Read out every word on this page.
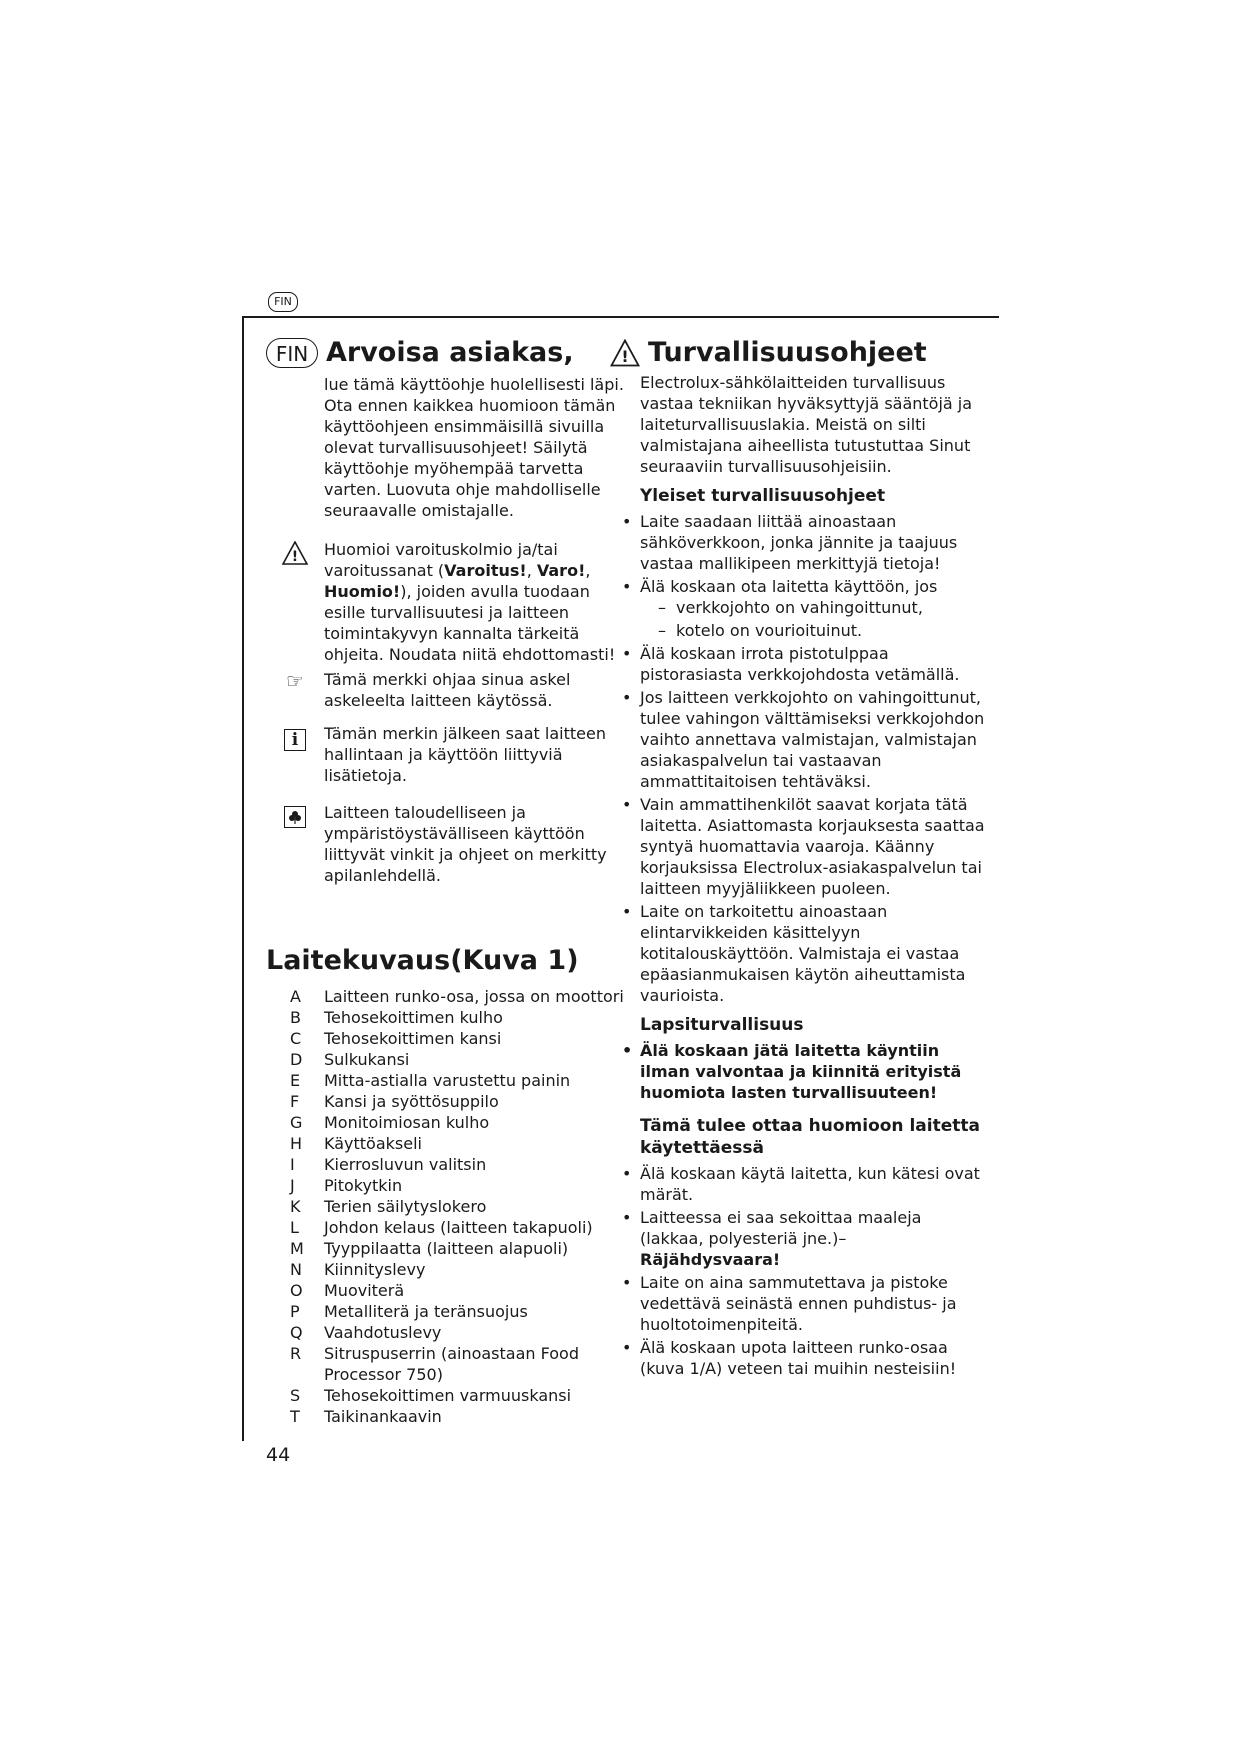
FIN
FIN Arvoisa asiakas,

lue tämä käyttöohje huolellisesti läpi. Ota ennen kaikkea huomioon tämän käyttöohjeen ensimmäisillä sivuilla olevat turvallisuusohjeet! Säilytä käyttöohje myöhempää tarvetta varten. Luovuta ohje mahdolliselle seuraavalle omistajalle.

! Huomioi varoituskolmio ja/tai varoitussanat (Varoitus!, Varo!, Huomio!), joiden avulla tuodaan esille turvallisuutesi ja laitteen toimintakyvyn kannalta tärkeitä ohjeita. Noudata niitä ehdottomasti!
☞ Tämä merkki ohjaa sinua askel askeleelta laitteen käytössä.
i	Tämän merkin jälkeen saat laitteen hallintaan ja käyttöön liittyviä lisätietoja.
Laitteen taloudelliseen ja ympäristöystävälliseen käyttöön liittyvät vinkit ja ohjeet on merkitty apilanlehdellä.
Laitekuvaus(Kuva 1)
A	Laitteen runko-osa, jossa on moottori
B	Tehosekoittimen kulho
C	Tehosekoittimen kansi
D	Sulkukansi
E	Mitta-astialla varustettu painin
F	Kansi ja syöttösuppilo
G	Monitoimiosan kulho
H	Käyttöakseli
I	Kierrosluvun valitsin
J	Pitokytkin
K	Terien säilytyslokero
L	Johdon kelaus (laitteen takapuoli)
M	Tyyppilaatta (laitteen alapuoli)
N	Kiinnityslevy
O	Muoviterä
P	Metalliterä ja teränsuojus
Q	Vaahdotuslevy
R	Sitruspuserrin (ainoastaan Food Processor 750)
S	Tehosekoittimen varmuuskansi
T	Taikinankaavin
! Turvallisuusohjeet

Electrolux-sähkölaitteiden turvallisuus vastaa tekniikan hyväksyttyjä sääntöjä ja laiteturvallisuuslakia. Meistä on silti valmistajana aiheellista tutustuttaa Sinut seuraaviin turvallisuusohjeisiin.

Yleiset turvallisuusohjeet
• Laite saadaan liittää ainoastaan sähköverkkoon, jonka jännite ja taajuus vastaa mallikipeen merkittyjä tietoja!
• Älä koskaan ota laitetta käyttöön, jos
– verkkojohto on vahingoittunut,
– kotelo on vourioituinut.
• Älä koskaan irrota pistotulppaa pistorasiasta verkkojohdosta vetämällä.
• Jos laitteen verkkojohto on vahingoittunut, tulee vahingon välttämiseksi verkkojohdon vaihto annettava valmistajan, valmistajan asiakaspalvelun tai vastaavan ammattitaitoisen tehtäväksi.
• Vain ammattihenkilöt saavat korjata tätä laitetta. Asiattomasta korjauksesta saattaa syntyä huomattavia vaaroja. Käänny korjauksissa Electrolux-asiakaspalvelun tai laitteen myyjäliikkeen puoleen.
• Laite on tarkoitettu ainoastaan elintarvikkeiden käsittelyyn kotitalouskäyttöön. Valmistaja ei vastaa epäasianmukaisen käytön aiheuttamista vaurioista.
Lapsiturvallisuus
• Älä koskaan jätä laitetta käyntiin ilman valvontaa ja kiinnitä erityistä huomiota lasten turvallisuuteen!
Tämä tulee ottaa huomioon laitetta käytettäessä
• Älä koskaan käytä laitetta, kun kätesi ovat märät.
• Laitteessa ei saa sekoittaa maaleja (lakkaa, polyesteriä jne.)– Räjähdysvaara!
• Laite on aina sammutettava ja pistoke vedettävä seinästä ennen puhdistus- ja huoltotoimenpiteitä.
• Älä koskaan upota laitteen runko-osaa (kuva 1/A) veteen tai muihin nesteisiin!
44
